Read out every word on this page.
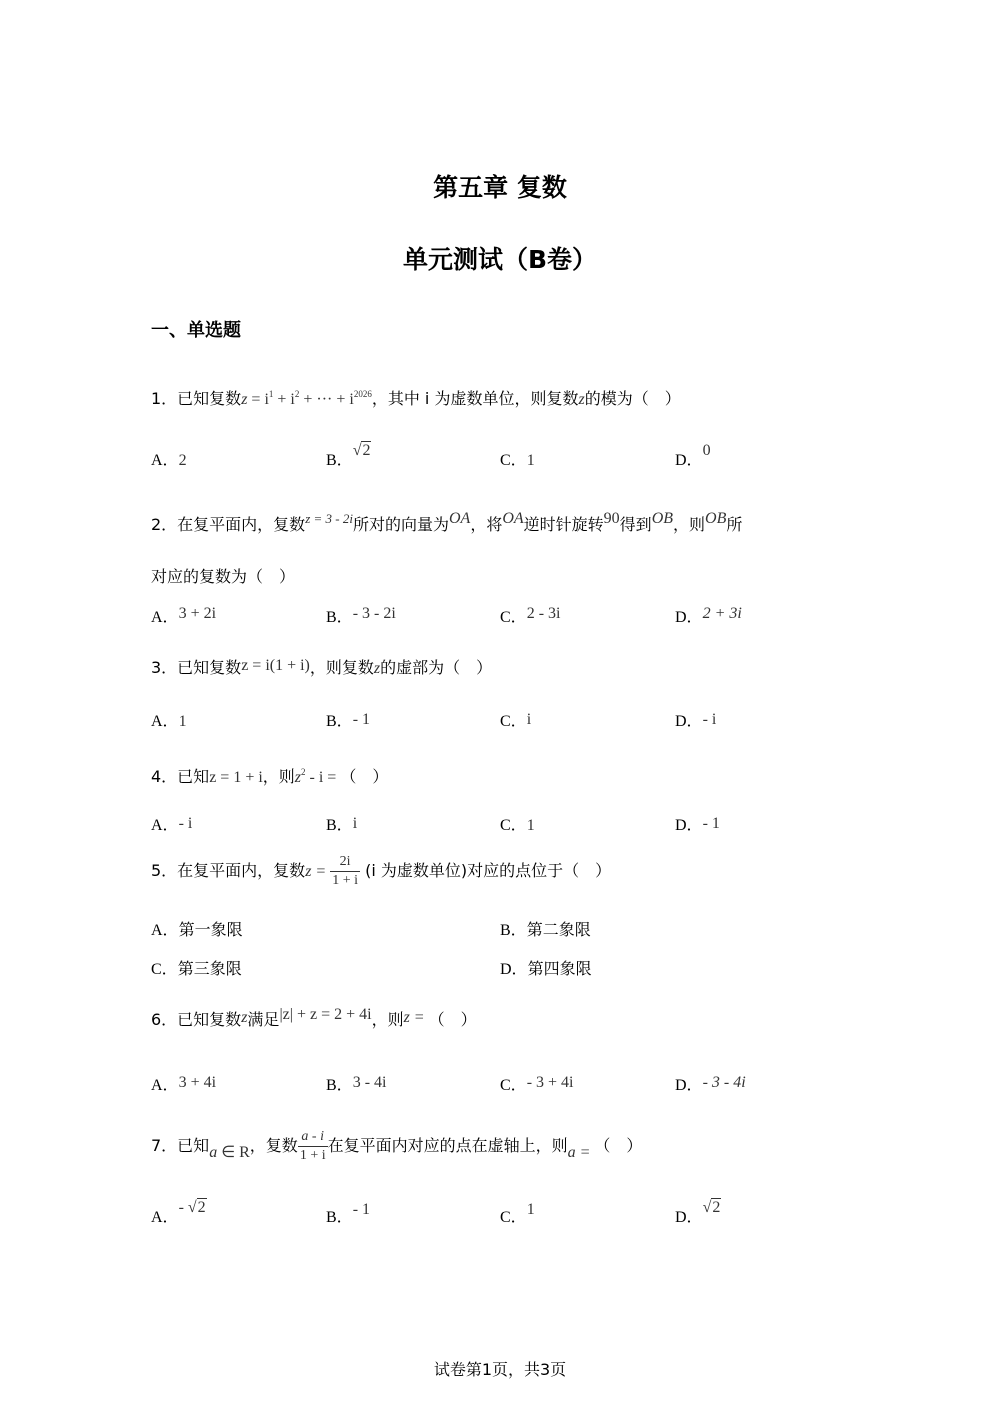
第五章 复数
单元测试（B卷）
一、单选题
1．已知复数$z = i^1 + i^2$ + ··· + $i^{2026}$，其中 i 为虚数单位，则复数z的模为（　）
A．2	B．√2
C．1	D．0
2．在复平面内，复数$^{z = 3 - 2i}$所对的向量为OA，将OA逆时针旋转90得到OB，则OB所
对应的复数为（　）
A．3 + 2i	B．- 3 - 2i	C．2 - 3i	D．2 + 3i
3．已知复数z = i(1 + i)，则复数z的虚部为（　）
A．1	B．- 1	C．i	D．- i
4．已知z = 1 + i，则$z^2$ - i = （　）
A．- i	B．i	C．1	D．- 1
5．在复平面内，复数$z = \frac{2i}{1 + i} (i$ 为虚数单位)对应的点位于（　）
A．第一象限	B．第二象限
C．第三象限	D．第四象限
6．已知复数z满足|z| + z = 2 + 4i，则z = （　）
A．3 + 4i	B．3 - 4i	C．- 3 + 4i	D．- 3 - 4i
7．已知a ∈ R，复数 $\frac{a - i}{1 + i}$ 在复平面内对应的点在虚轴上，则a = （　）
A．- √2
B．- 1	C．1	D．√2
试卷第1页，共3页
